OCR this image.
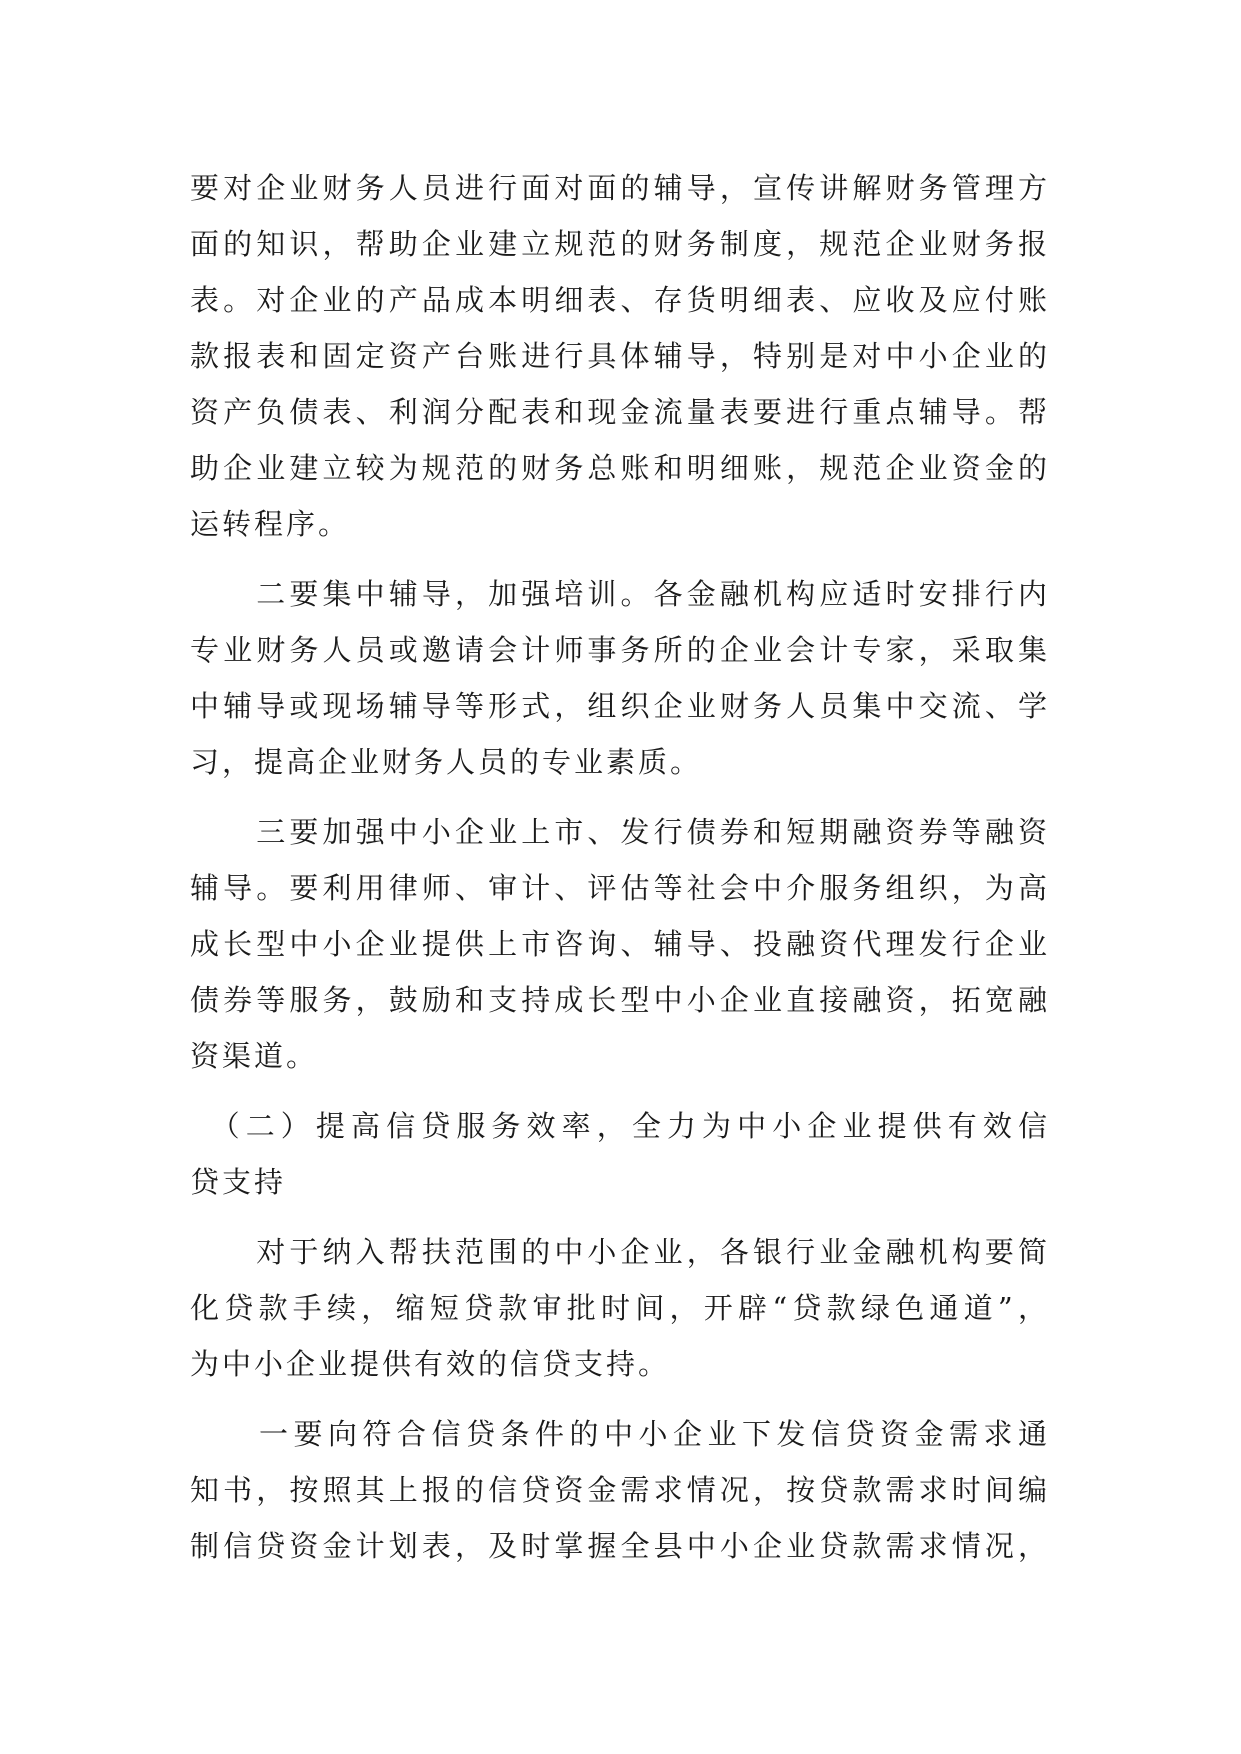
要对企业财务人员进行面对面的辅导，宣传讲解财务管理方
面的知识，帮助企业建立规范的财务制度，规范企业财务报
表。对企业的产品成本明细表、存货明细表、应收及应付账
款报表和固定资产台账进行具体辅导，特别是对中小企业的
资产负债表、利润分配表和现金流量表要进行重点辅导。帮
助企业建立较为规范的财务总账和明细账，规范企业资金的
运转程序。
　　二要集中辅导，加强培训。各金融机构应适时安排行内
专业财务人员或邀请会计师事务所的企业会计专家，采取集
中辅导或现场辅导等形式，组织企业财务人员集中交流、学
习，提高企业财务人员的专业素质。
　　三要加强中小企业上市、发行债券和短期融资券等融资
辅导。要利用律师、审计、评估等社会中介服务组织，为高
成长型中小企业提供上市咨询、辅导、投融资代理发行企业
债券等服务，鼓励和支持成长型中小企业直接融资，拓宽融
资渠道。
　（二）提高信贷服务效率，全力为中小企业提供有效信
贷支持
　　对于纳入帮扶范围的中小企业，各银行业金融机构要简
化贷款手续，缩短贷款审批时间，开辟“贷款绿色通道”，
为中小企业提供有效的信贷支持。
　　一要向符合信贷条件的中小企业下发信贷资金需求通
知书，按照其上报的信贷资金需求情况，按贷款需求时间编
制信贷资金计划表，及时掌握全县中小企业贷款需求情况，
